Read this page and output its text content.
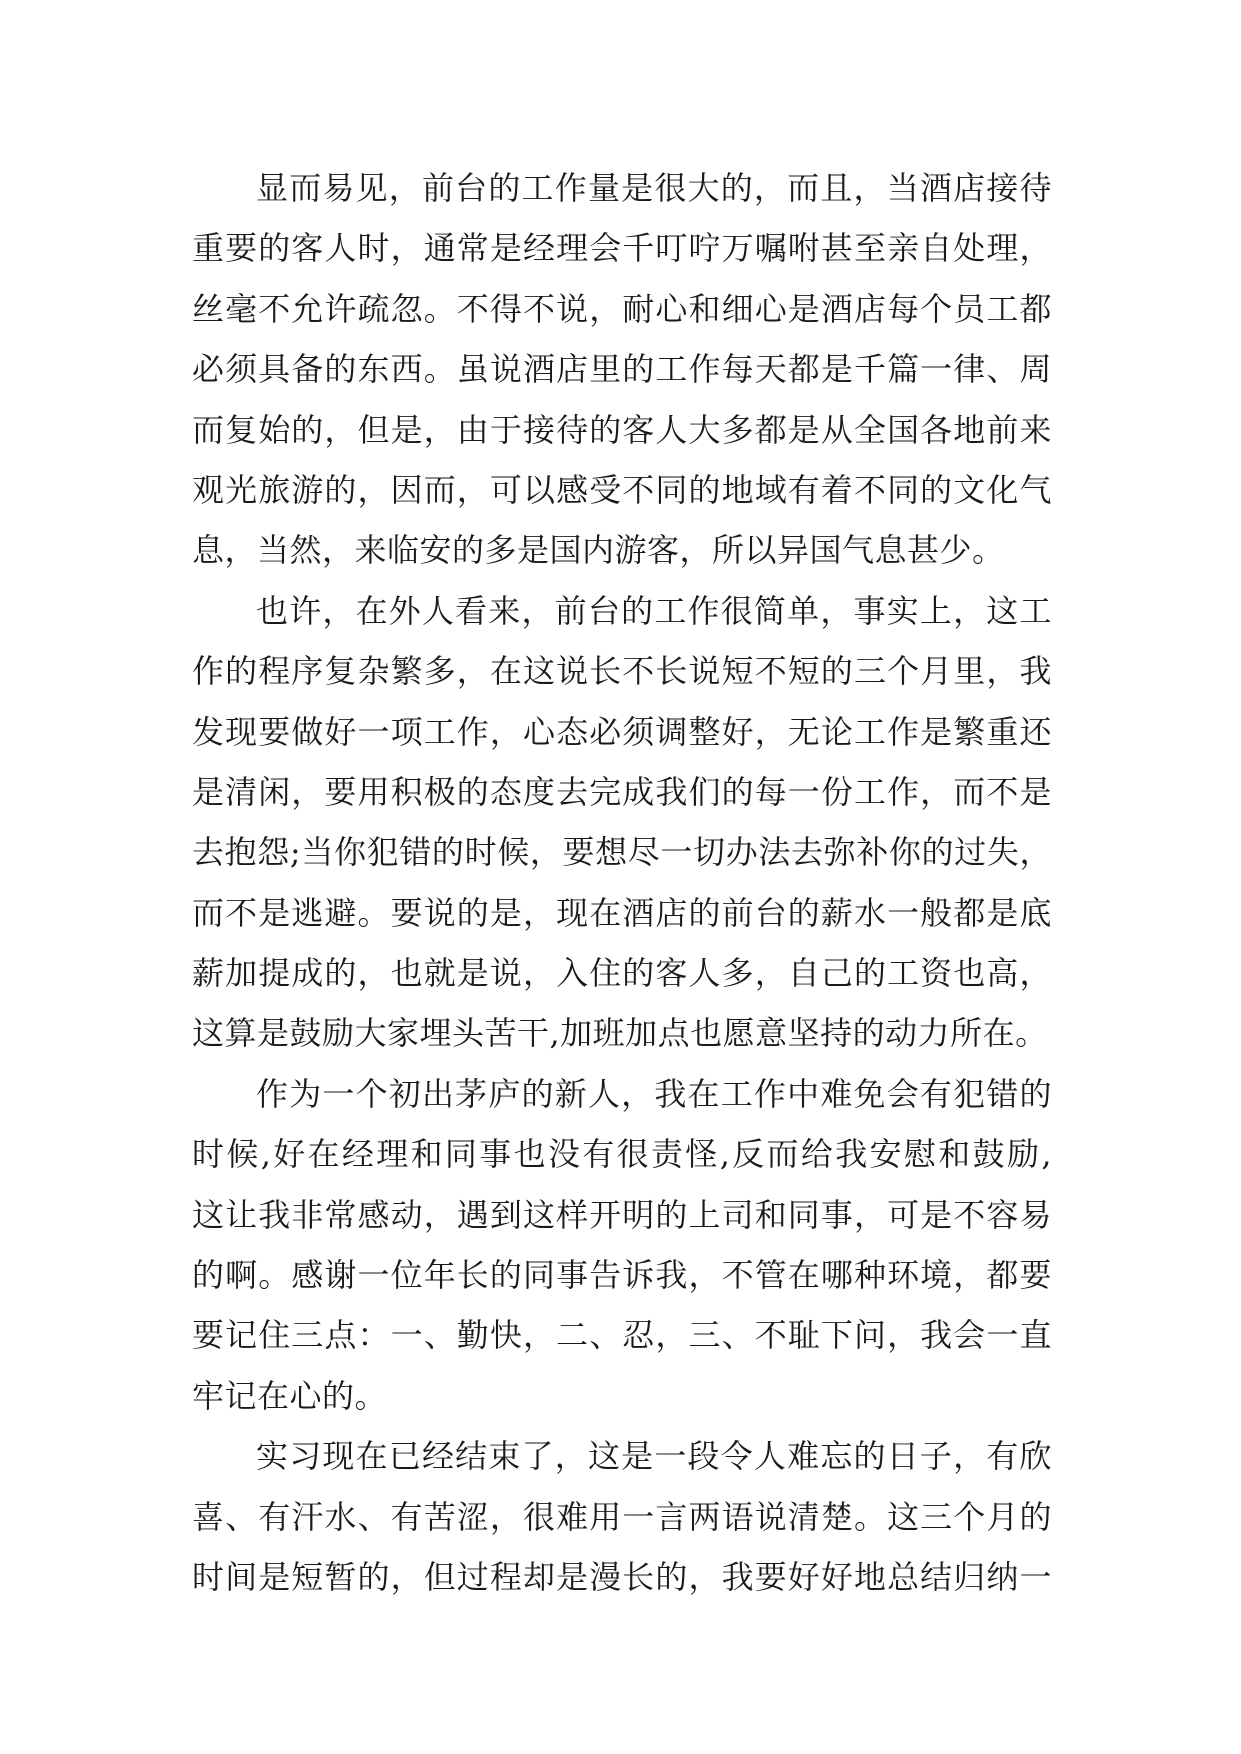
显而易见，前台的工作量是很大的，而且，当酒店接待
重要的客人时，通常是经理会千叮咛万嘱咐甚至亲自处理，
丝毫不允许疏忽。不得不说，耐心和细心是酒店每个员工都
必须具备的东西。虽说酒店里的工作每天都是千篇一律、周
而复始的，但是，由于接待的客人大多都是从全国各地前来
观光旅游的，因而，可以感受不同的地域有着不同的文化气
息，当然，来临安的多是国内游客，所以异国气息甚少。
也许，在外人看来，前台的工作很简单，事实上，这工
作的程序复杂繁多，在这说长不长说短不短的三个月里，我
发现要做好一项工作，心态必须调整好，无论工作是繁重还
是清闲，要用积极的态度去完成我们的每一份工作，而不是
去抱怨;当你犯错的时候，要想尽一切办法去弥补你的过失，
而不是逃避。要说的是，现在酒店的前台的薪水一般都是底
薪加提成的，也就是说，入住的客人多，自己的工资也高，
这算是鼓励大家埋头苦干,加班加点也愿意坚持的动力所在。
作为一个初出茅庐的新人，我在工作中难免会有犯错的
时候,好在经理和同事也没有很责怪,反而给我安慰和鼓励,
这让我非常感动，遇到这样开明的上司和同事，可是不容易
的啊。感谢一位年长的同事告诉我，不管在哪种环境，都要
要记住三点：一、勤快，二、忍，三、不耻下问，我会一直
牢记在心的。
实习现在已经结束了，这是一段令人难忘的日子，有欣
喜、有汗水、有苦涩，很难用一言两语说清楚。这三个月的
时间是短暂的，但过程却是漫长的，我要好好地总结归纳一
